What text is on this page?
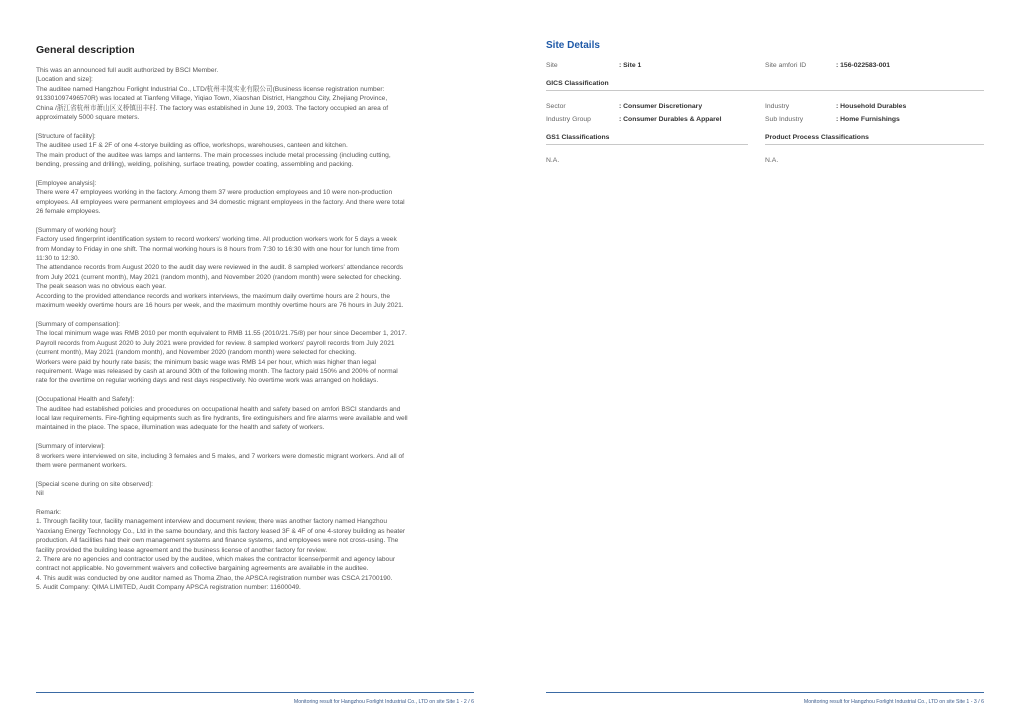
General description
This was an announced full audit authorized by BSCI Member.
[Location and size]:
The auditee named Hangzhou Forlight Industrial Co., LTD/杭州丰岚实业有限公司(Business license registration number:
913301097496570R) was located at Tianfeng Village, Yiqiao Town, Xiaoshan District, Hangzhou City, Zhejiang Province,
China /浙江省杭州市萧山区义桥镇田丰村. The factory was established in June 19, 2003. The factory occupied an area of
approximately 5000 square meters.
[Structure of facility]:
The auditee used 1F & 2F of one 4-storye building as office, workshops, warehouses, canteen and kitchen.
The main product of the auditee was lamps and lanterns. The main processes include metal processing (including cutting,
bending, pressing and drilling), welding, polishing, surface treating, powder coating, assembling and packing.
[Employee analysis]:
There were 47 employees working in the factory. Among them 37 were production employees and 10 were non-production
employees. All employees were permanent employees and 34 domestic migrant employees in the factory. And there were total
26 female employees.
[Summary of working hour]:
Factory used fingerprint identification system to record workers' working time. All production workers work for 5 days a week
from Monday to Friday in one shift. The normal working hours is 8 hours from 7:30 to 16:30 with one hour for lunch time from
11:30 to 12:30.
The attendance records from August 2020 to the audit day were reviewed in the audit. 8 sampled workers' attendance records
from July 2021 (current month), May 2021 (random month), and November 2020 (random month) were selected for checking.
The peak season was no obvious each year.
According to the provided attendance records and workers interviews, the maximum daily overtime hours are 2 hours, the
maximum weekly overtime hours are 16 hours per week, and the maximum monthly overtime hours are 76 hours in July 2021.
[Summary of compensation]:
The local minimum wage was RMB 2010 per month equivalent to RMB 11.55 (2010/21.75/8) per hour since December 1, 2017.
Payroll records from August 2020 to July 2021 were provided for review. 8 sampled workers' payroll records from July 2021
(current month), May 2021 (random month), and November 2020 (random month) were selected for checking.
Workers were paid by hourly rate basis; the minimum basic wage was RMB 14 per hour, which was higher than legal
requirement. Wage was released by cash at around 30th of the following month. The factory paid 150% and 200% of normal
rate for the overtime on regular working days and rest days respectively. No overtime work was arranged on holidays.
[Occupational Health and Safety]:
The auditee had established policies and procedures on occupational health and safety based on amfori BSCI standards and
local law requirements. Fire-fighting equipments such as fire hydrants, fire extinguishers and fire alarms were available and well
maintained in the place. The space, illumination was adequate for the health and safety of workers.
[Summary of interview]:
8 workers were interviewed on site, including 3 females and 5 males, and 7 workers were domestic migrant workers. And all of
them were permanent workers.
[Special scene during on site observed]:
Nil
Remark:
1. Through facility tour, facility management interview and document review, there was another factory named Hangzhou
Yaoxiang Energy Technology Co., Ltd in the same boundary, and this factory leased 3F & 4F of one 4-storey building as heater
production. All facilities had their own management systems and finance systems, and employees were not cross-using. The
facility provided the building lease agreement and the business license of another factory for review.
2. There are no agencies and contractor used by the auditee, which makes the contractor license/permit and agency labour
contract not applicable. No government waivers and collective bargaining agreements are available in the auditee.
4. This audit was conducted by one auditor named as Thoma Zhao, the APSCA registration number was CSCA 21700190.
5. Audit Company: QIMA LIMITED, Audit Company APSCA registration number: 11600049.
Monitoring result for Hangzhou Forlight Industrial Co., LTD on site Site 1 - 2 / 6
Site Details
Site	: Site 1	Site amfori ID	: 156-022583-001
GICS Classification
Sector	: Consumer Discretionary	Industry	: Household Durables
Industry Group	: Consumer Durables & Apparel	Sub Industry	: Home Furnishings
GS1 Classifications	Product Process Classifications
N.A.	N.A.
Monitoring result for Hangzhou Forlight Industrial Co., LTD on site Site 1 - 3 / 6
